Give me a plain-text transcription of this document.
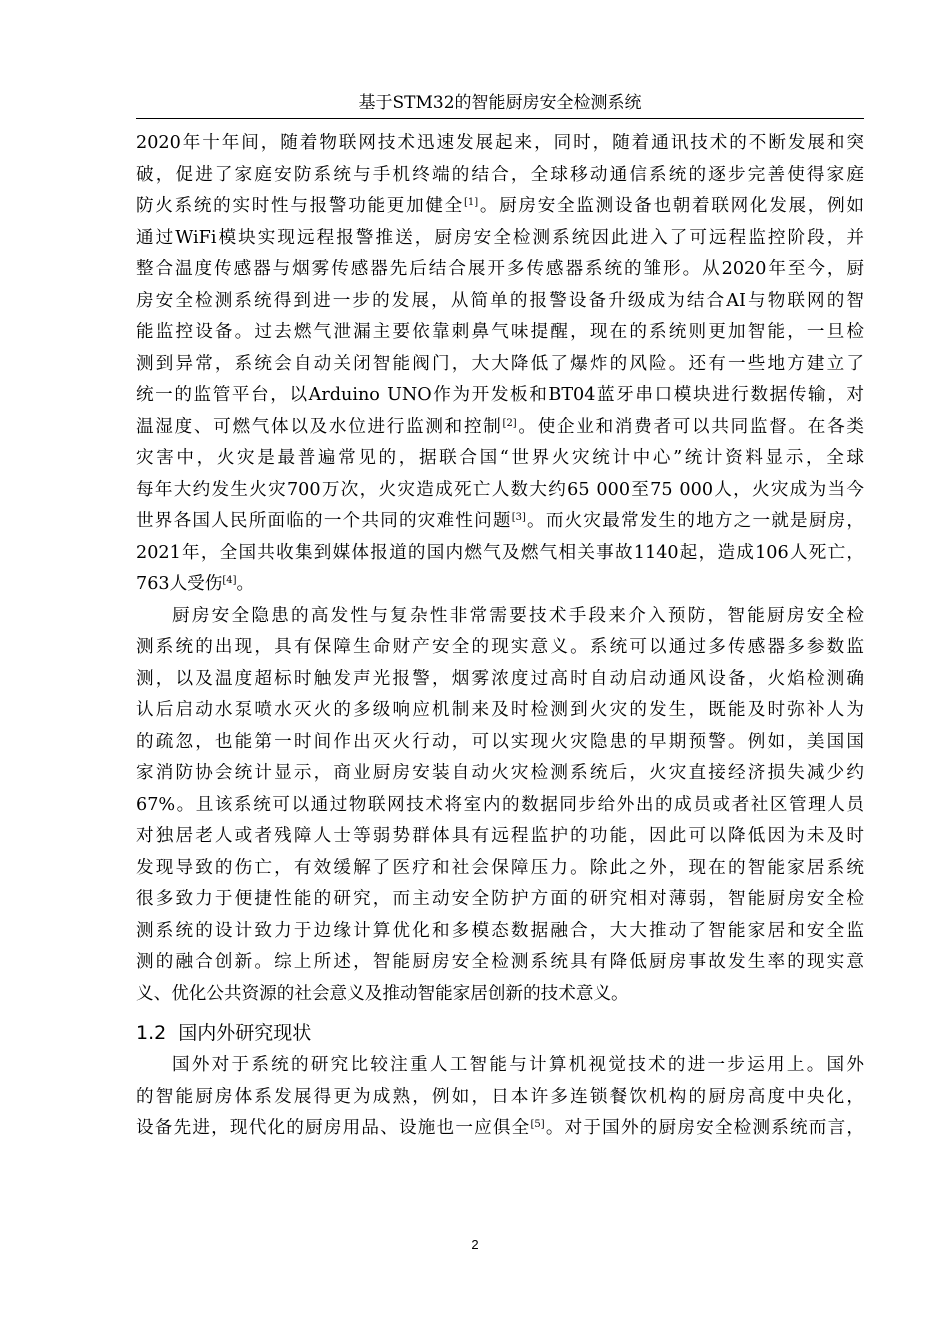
基于STM32的智能厨房安全检测系统

2020年十年间，随着物联网技术迅速发展起来，同时，随着通讯技术的不断发展和突
破，促进了家庭安防系统与手机终端的结合，全球移动通信系统的逐步完善使得家庭
防火系统的实时性与报警功能更加健全[1]。厨房安全监测设备也朝着联网化发展，例如
通过WiFi模块实现远程报警推送，厨房安全检测系统因此进入了可远程监控阶段，并
整合温度传感器与烟雾传感器先后结合展开多传感器系统的雏形。从2020年至今，厨
房安全检测系统得到进一步的发展，从简单的报警设备升级成为结合AI与物联网的智
能监控设备。过去燃气泄漏主要依靠刺鼻气味提醒，现在的系统则更加智能，一旦检
测到异常，系统会自动关闭智能阀门，大大降低了爆炸的风险。还有一些地方建立了
统一的监管平台，以Arduino UNO作为开发板和BT04蓝牙串口模块进行数据传输，对
温湿度、可燃气体以及水位进行监测和控制[2]。使企业和消费者可以共同监督。在各类
灾害中，火灾是最普遍常见的，据联合国“世界火灾统计中心”统计资料显示，全球
每年大约发生火灾700万次，火灾造成死亡人数大约65 000至75 000人，火灾成为当今
世界各国人民所面临的一个共同的灾难性问题[3]。而火灾最常发生的地方之一就是厨房，
2021年，全国共收集到媒体报道的国内燃气及燃气相关事故1140起，造成106人死亡，
763人受伤[4]。

厨房安全隐患的高发性与复杂性非常需要技术手段来介入预防，智能厨房安全检
测系统的出现，具有保障生命财产安全的现实意义。系统可以通过多传感器多参数监
测，以及温度超标时触发声光报警，烟雾浓度过高时自动启动通风设备，火焰检测确
认后启动水泵喷水灭火的多级响应机制来及时检测到火灾的发生，既能及时弥补人为
的疏忽，也能第一时间作出灭火行动，可以实现火灾隐患的早期预警。例如，美国国
家消防协会统计显示，商业厨房安装自动火灾检测系统后，火灾直接经济损失减少约
67%。且该系统可以通过物联网技术将室内的数据同步给外出的成员或者社区管理人员
对独居老人或者残障人士等弱势群体具有远程监护的功能，因此可以降低因为未及时
发现导致的伤亡，有效缓解了医疗和社会保障压力。除此之外，现在的智能家居系统
很多致力于便捷性能的研究，而主动安全防护方面的研究相对薄弱，智能厨房安全检
测系统的设计致力于边缘计算优化和多模态数据融合，大大推动了智能家居和安全监
测的融合创新。综上所述，智能厨房安全检测系统具有降低厨房事故发生率的现实意
义、优化公共资源的社会意义及推动智能家居创新的技术意义。

1.2 国内外研究现状

国外对于系统的研究比较注重人工智能与计算机视觉技术的进一步运用上。国外
的智能厨房体系发展得更为成熟，例如，日本许多连锁餐饮机构的厨房高度中央化，
设备先进，现代化的厨房用品、设施也一应俱全[5]。对于国外的厨房安全检测系统而言，

2
